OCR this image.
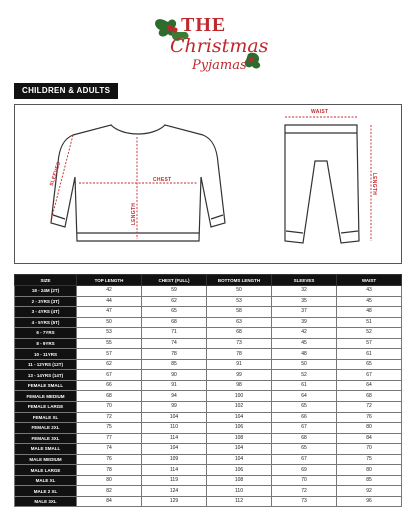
THE
Christmas
Pyjamas
CHILDREN & ADULTS
SLEEVES	CHEST
LENGTH
WAIST
LENGTH
SIZE	TOP LENGTH	CHEST (FULL)	BOTTOMS LENGTH	SLEEVES	WAIST
18 - 24M (2T)	42	59	50	32	43
2 - 3YRS (3T)	44	62	53	35	45
3 - 4YRS (4T)	47	65	58	37	48
4 - 5YRS (5T)	50	68	63	39	51
6 - 7YRS	53	71	68	42	52
8 - 9YRS	55	74	73	45	57
10 - 11YRS	57	78	78	48	61
11 - 12YRS (12T)	62	85	91	50	65
13 - 14YRS (14T)	67	90	99	52	67
FEMALE SMALL	66	91	98	61	64
FEMALE MEDIUM	68	94	100	64	68
FEMALE LARGE	70	99	102	65	72
FEMALE XL	72	104	104	66	76
FEMALE 2XL	75	110	106	67	80
FEMALE 3XL	77	114	108	68	84
MALE SMALL	74	104	104	65	70
MALE MEDIUM	76	109	104	67	75
MALE LARGE	78	114	106	69	80
MALE XL	80	119	108	70	85
MALE 2 XL	82	124	110	72	92
MALE 3XL	84	129	112	73	96
